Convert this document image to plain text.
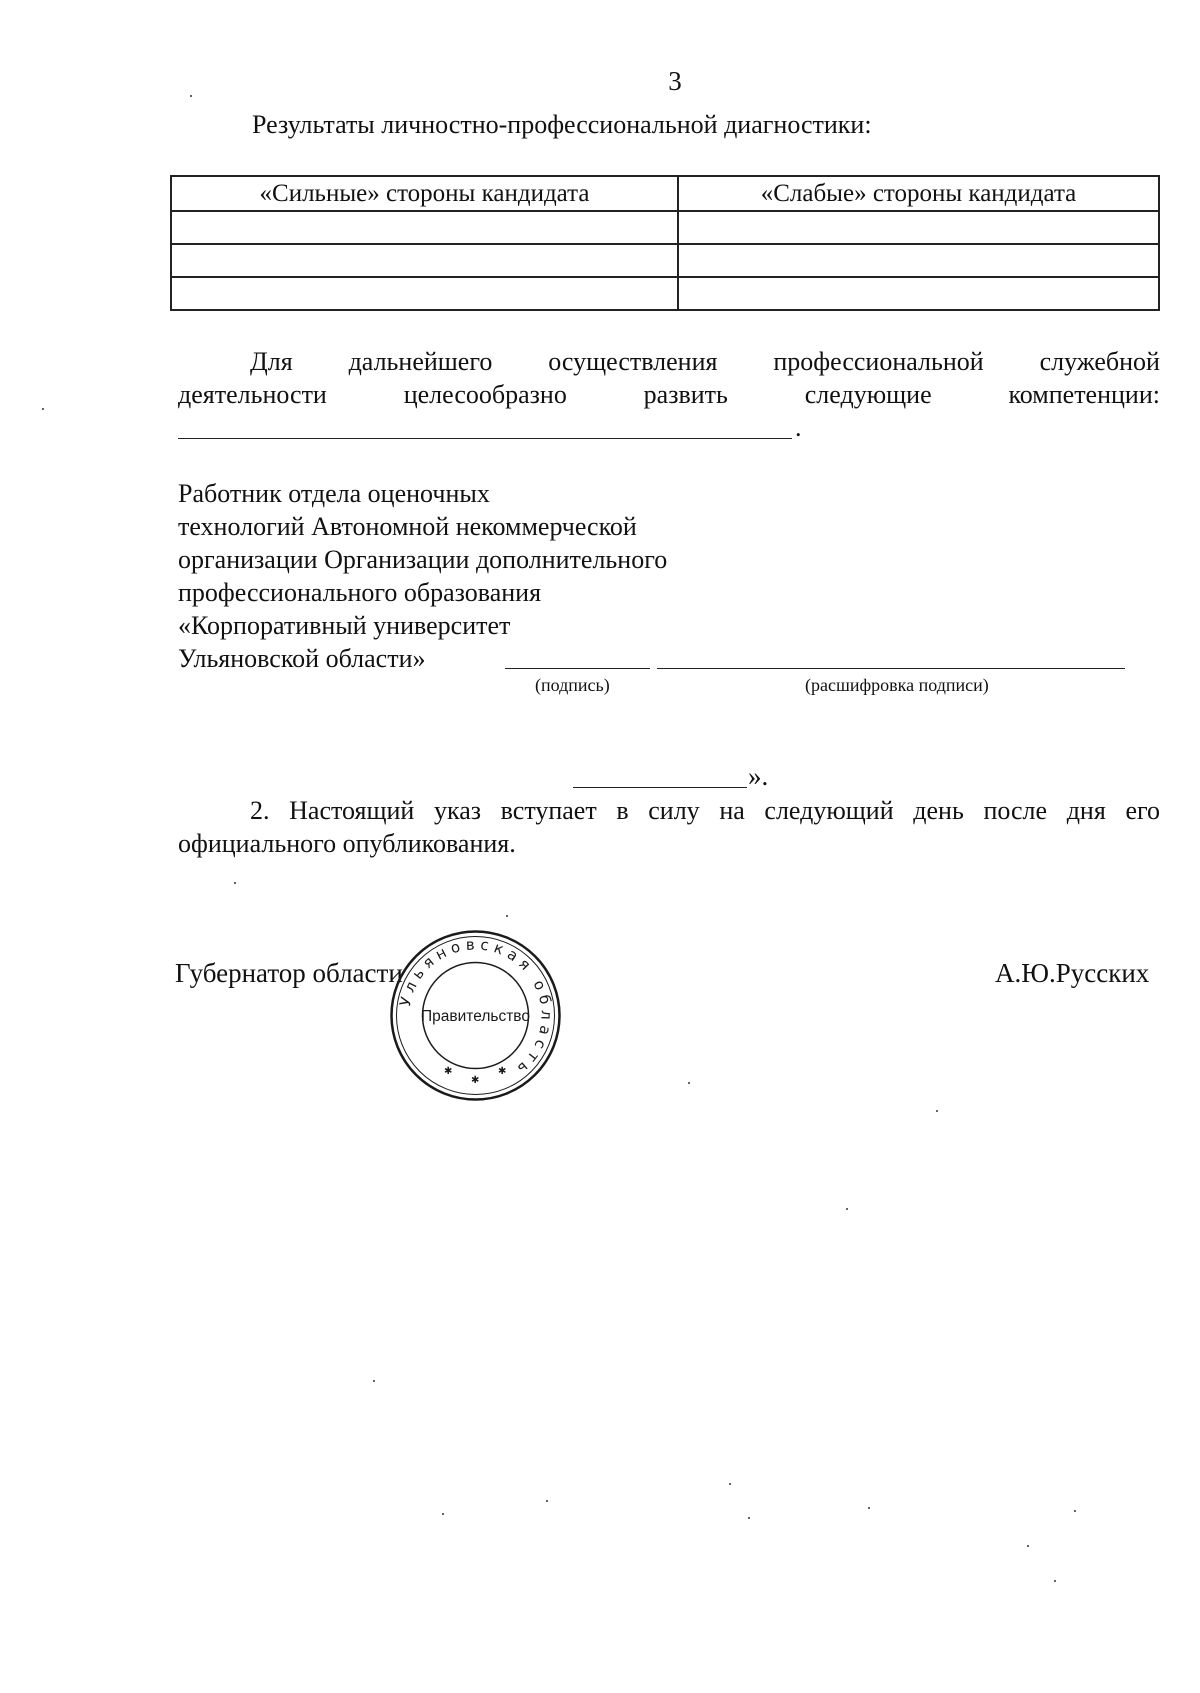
3
Результаты личностно-профессиональной диагностики:
«Сильные» стороны кандидата	«Слабые» стороны кандидата

Для дальнейшего осуществления профессиональной служебной
деятельности	целесообразно	развить	следующие	компетенции:
.
Работник отдела оценочных
технологий Автономной некоммерческой
организации Организации дополнительного
профессионального образования
«Корпоративный университет
Ульяновской области»
(подпись)	(расшифровка подписи)
».
2. Настоящий указ вступает в силу на следующий день после дня его
официального опубликования.
Губернатор области	А.Ю.Русских
Ульяновская область
Правительство
✱
✱
✱
